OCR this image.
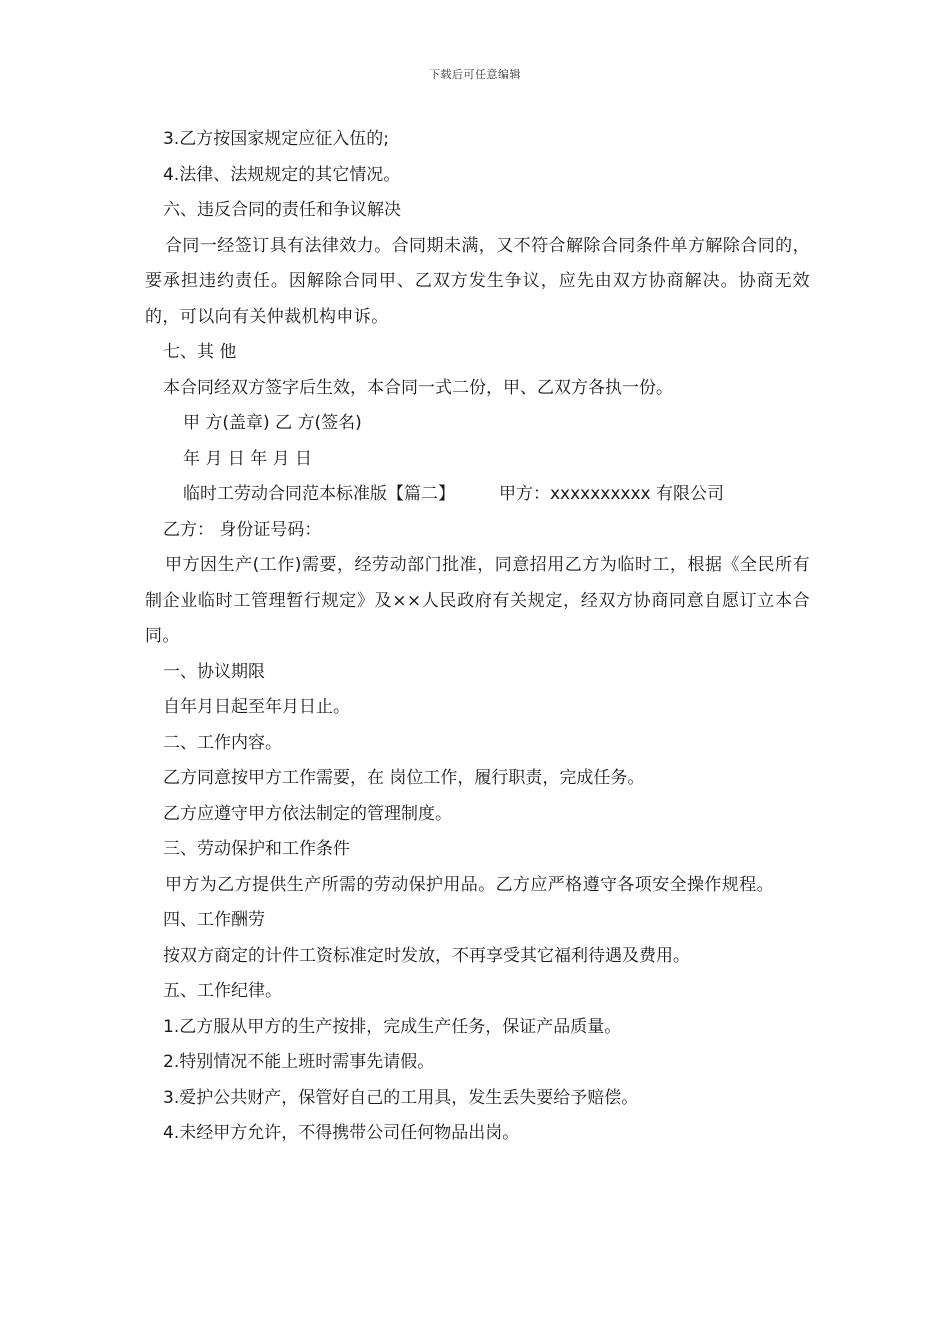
下载后可任意编辑
3.乙方按国家规定应征入伍的;
4.法律、法规规定的其它情况。
六、违反合同的责任和争议解决
合同一经签订具有法律效力。合同期未满，又不符合解除合同条件单方解除合同的，要承担违约责任。因解除合同甲、乙双方发生争议，应先由双方协商解决。协商无效的，可以向有关仲裁机构申诉。
七、其 他
本合同经双方签字后生效，本合同一式二份，甲、乙双方各执一份。
甲 方(盖章) 乙 方(签名)
年 月 日 年 月 日
临时工劳动合同范本标准版【篇二】	甲方：xxxxxxxxxx 有限公司
乙方： 身份证号码：
甲方因生产(工作)需要，经劳动部门批准，同意招用乙方为临时工，根据《全民所有制企业临时工管理暂行规定》及××人民政府有关规定，经双方协商同意自愿订立本合同。
一、协议期限
自年月日起至年月日止。
二、工作内容。
乙方同意按甲方工作需要，在 岗位工作，履行职责，完成任务。
乙方应遵守甲方依法制定的管理制度。
三、劳动保护和工作条件
甲方为乙方提供生产所需的劳动保护用品。乙方应严格遵守各项安全操作规程。
四、工作酬劳
按双方商定的计件工资标准定时发放，不再享受其它福利待遇及费用。
五、工作纪律。
1.乙方服从甲方的生产按排，完成生产任务，保证产品质量。
2.特别情况不能上班时需事先请假。
3.爱护公共财产，保管好自己的工用具，发生丢失要给予赔偿。
4.未经甲方允许，不得携带公司任何物品出岗。
